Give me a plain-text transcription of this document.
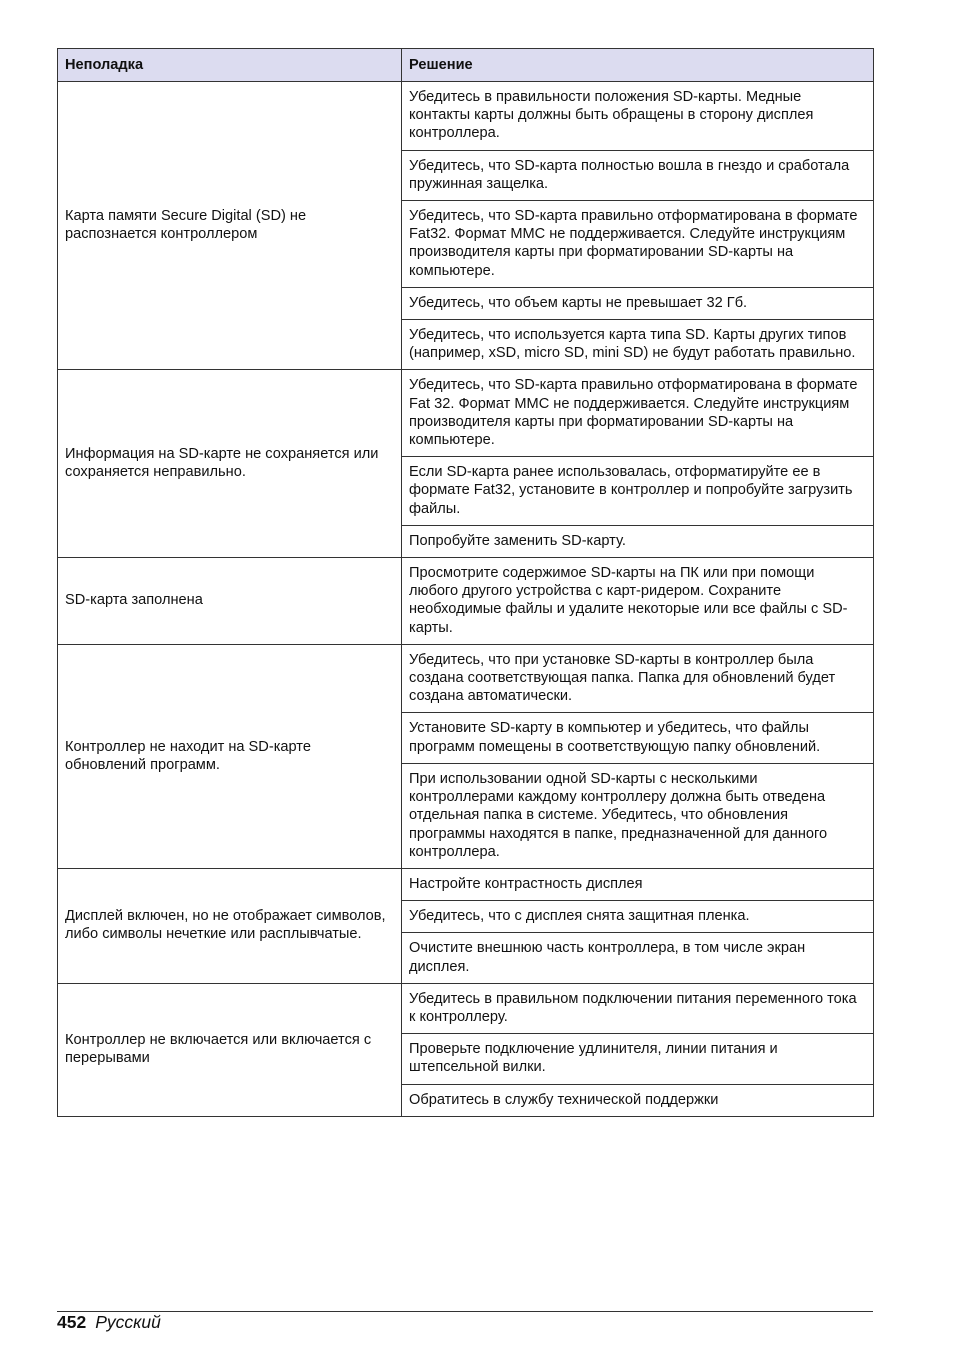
Неполадка	Решение
Карта памяти Secure Digital (SD) не распознается контроллером	Убедитесь в правильности положения SD-карты. Медные контакты карты должны быть обращены в сторону дисплея контроллера.
	Убедитесь, что SD-карта полностью вошла в гнездо и сработала пружинная защелка.
	Убедитесь, что SD-карта правильно отформатирована в формате Fat32. Формат MMC не поддерживается. Следуйте инструкциям производителя карты при форматировании SD-карты на компьютере.
	Убедитесь, что объем карты не превышает 32 Гб.
	Убедитесь, что используется карта типа SD. Карты других типов (например, xSD, micro SD, mini SD) не будут работать правильно.
Информация на SD-карте не сохраняется или сохраняется неправильно.	Убедитесь, что SD-карта правильно отформатирована в формате Fat 32. Формат MMC не поддерживается. Следуйте инструкциям производителя карты при форматировании SD-карты на компьютере.
	Если SD-карта ранее использовалась, отформатируйте ее в формате Fat32, установите в контроллер и попробуйте загрузить файлы.
	Попробуйте заменить SD-карту.
SD-карта заполнена	Просмотрите содержимое SD-карты на ПК или при помощи любого другого устройства с карт-ридером. Сохраните необходимые файлы и удалите некоторые или все файлы с SD-карты.
Контроллер не находит на SD-карте обновлений программ.	Убедитесь, что при установке SD-карты в контроллер была создана соответствующая папка. Папка для обновлений будет создана автоматически.
	Установите SD-карту в компьютер и убедитесь, что файлы программ помещены в соответствующую папку обновлений.
	При использовании одной SD-карты с несколькими контроллерами каждому контроллеру должна быть отведена отдельная папка в системе. Убедитесь, что обновления программы находятся в папке, предназначенной для данного контроллера.
Дисплей включен, но не отображает символов, либо символы нечеткие или расплывчатые.	Настройте контрастность дисплея
	Убедитесь, что с дисплея снята защитная пленка.
	Очистите внешнюю часть контроллера, в том числе экран дисплея.
Контроллер не включается или включается с перерывами	Убедитесь в правильном подключении питания переменного тока к контроллеру.
	Проверьте подключение удлинителя, линии питания и штепсельной вилки.
	Обратитесь в службу технической поддержки
452 Русский
